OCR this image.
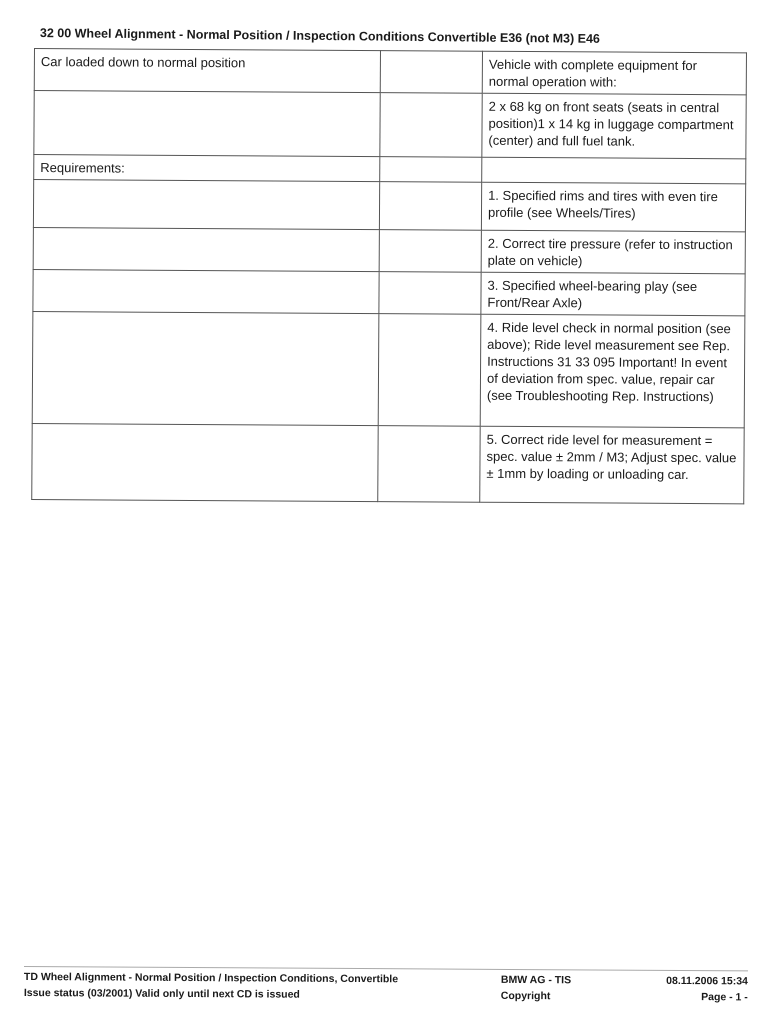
32 00 Wheel Alignment - Normal Position / Inspection Conditions Convertible E36 (not M3) E46
Car loaded down to normal position		Vehicle with complete equipment for normal operation with:
		2 x 68 kg on front seats (seats in central position)1 x 14 kg in luggage compartment (center) and full fuel tank.
Requirements:		
		1. Specified rims and tires with even tire profile (see Wheels/Tires)
		2. Correct tire pressure (refer to instruction plate on vehicle)
		3. Specified wheel-bearing play (see Front/Rear Axle)
		4. Ride level check in normal position (see above); Ride level measurement see Rep. Instructions 31 33 095 Important! In event of deviation from spec. value, repair car (see Troubleshooting Rep. Instructions)
		5. Correct ride level for measurement = spec. value ± 2mm / M3; Adjust spec. value ± 1mm by loading or unloading car.
TD Wheel Alignment - Normal Position / Inspection Conditions, Convertible
Issue status (03/2001) Valid only until next CD is issued
BMW AG - TIS
Copyright
08.11.2006 15:34
Page - 1 -
